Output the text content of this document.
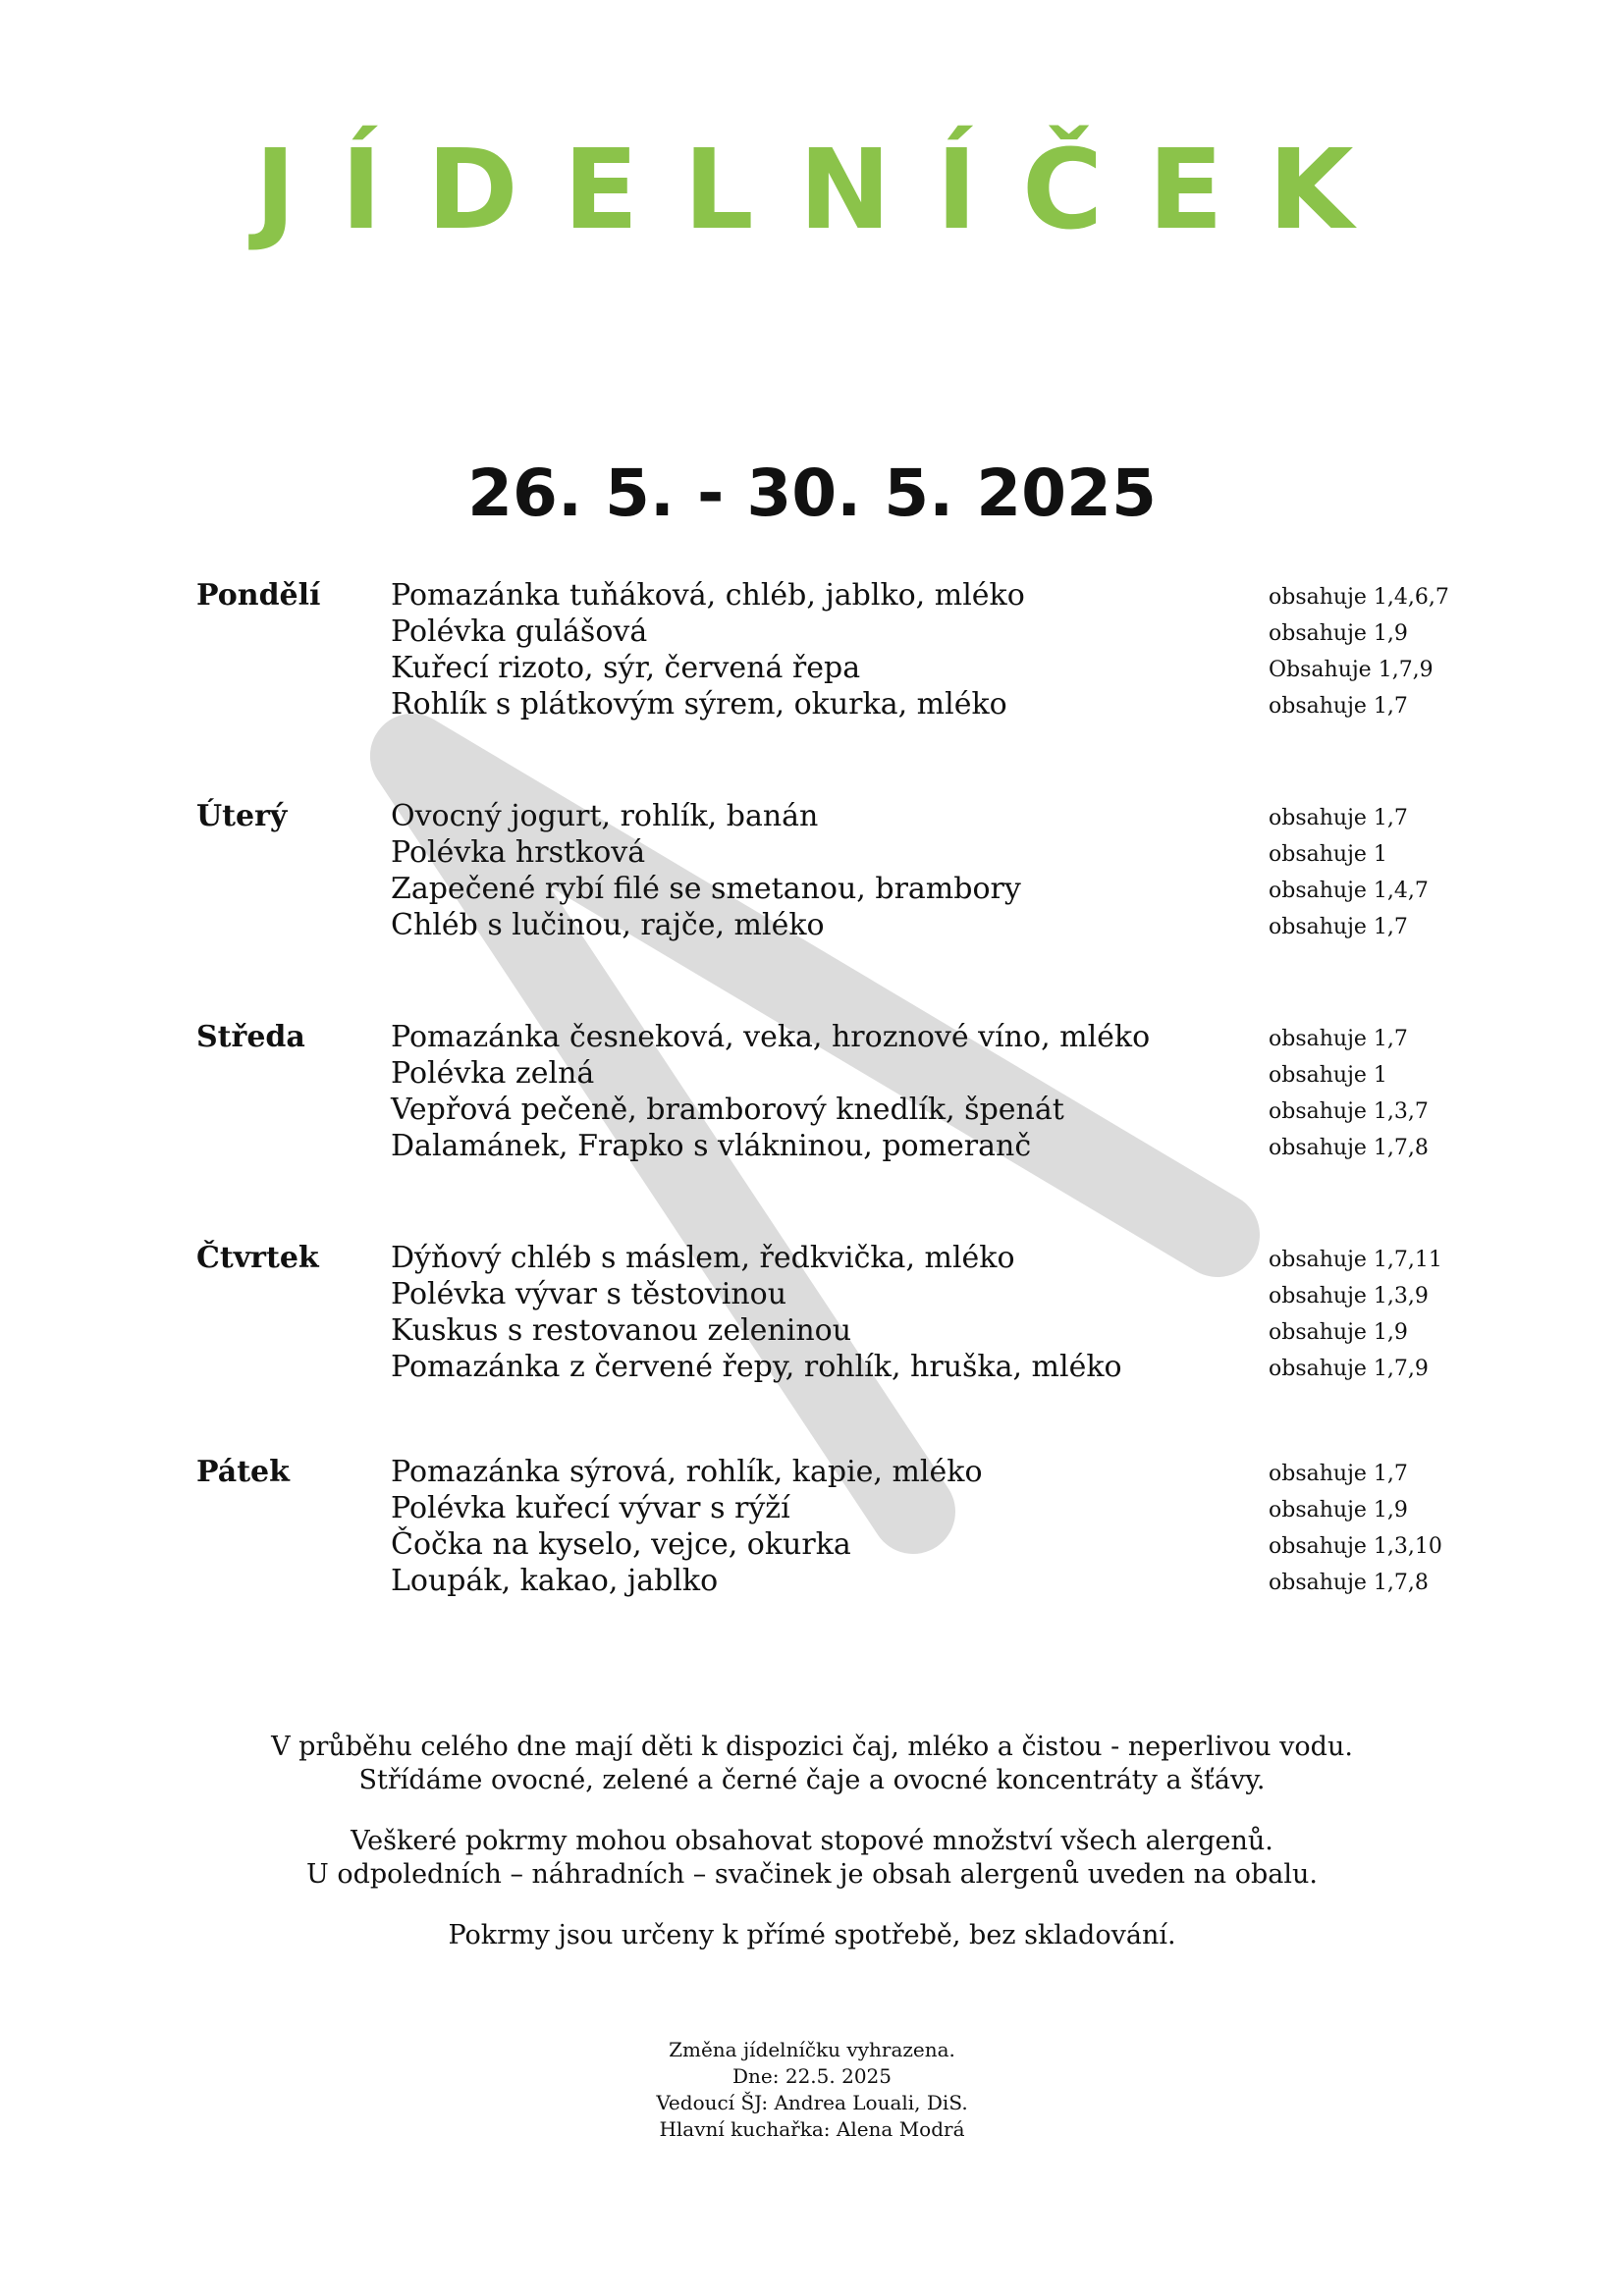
JÍDELNÍČEK
26. 5. - 30. 5. 2025
Pondělí Pomazánka tuňáková, chléb, jablko, mléko	obsahuje 1,4,6,7
Polévka gulášová	obsahuje 1,9
Kuřecí rizoto, sýr, červená řepa	Obsahuje 1,7,9
Rohlík s plátkovým sýrem, okurka, mléko	obsahuje 1,7
Úterý	Ovocný jogurt, rohlík, banán	obsahuje 1,7
Polévka hrstková	obsahuje 1
Zapečené rybí filé se smetanou, brambory	obsahuje 1,4,7
Chléb s lučinou, rajče, mléko	obsahuje 1,7
Středa	Pomazánka česneková, veka, hroznové víno, mléko	obsahuje 1,7
Polévka zelná	obsahuje 1
Vepřová pečeně, bramborový knedlík, špenát	obsahuje 1,3,7
Dalamánek, Frapko s vlákninou, pomeranč	obsahuje 1,7,8
Čtvrtek Dýňový chléb s máslem, ředkvička, mléko	obsahuje 1,7,11
Polévka vývar s těstovinou	obsahuje 1,3,9
Kuskus s restovanou zeleninou	obsahuje 1,9
Pomazánka z červené řepy, rohlík, hruška, mléko	obsahuje 1,7,9
Pátek	Pomazánka sýrová, rohlík, kapie, mléko	obsahuje 1,7
Polévka kuřecí vývar s rýží	obsahuje 1,9
Čočka na kyselo, vejce, okurka	obsahuje 1,3,10
Loupák, kakao, jablko	obsahuje 1,7,8

V průběhu celého dne mají děti k dispozici čaj, mléko a čistou - neperlivou vodu.
Střídáme ovocné, zelené a černé čaje a ovocné koncentráty a šťávy.

Veškeré pokrmy mohou obsahovat stopové množství všech alergenů.
U odpoledních – náhradních – svačinek je obsah alergenů uveden na obalu.

Pokrmy jsou určeny k přímé spotřebě, bez skladování.

Změna jídelníčku vyhrazena.
Dne: 22.5. 2025
Vedoucí ŠJ: Andrea Louali, DiS.
Hlavní kuchařka: Alena Modrá
